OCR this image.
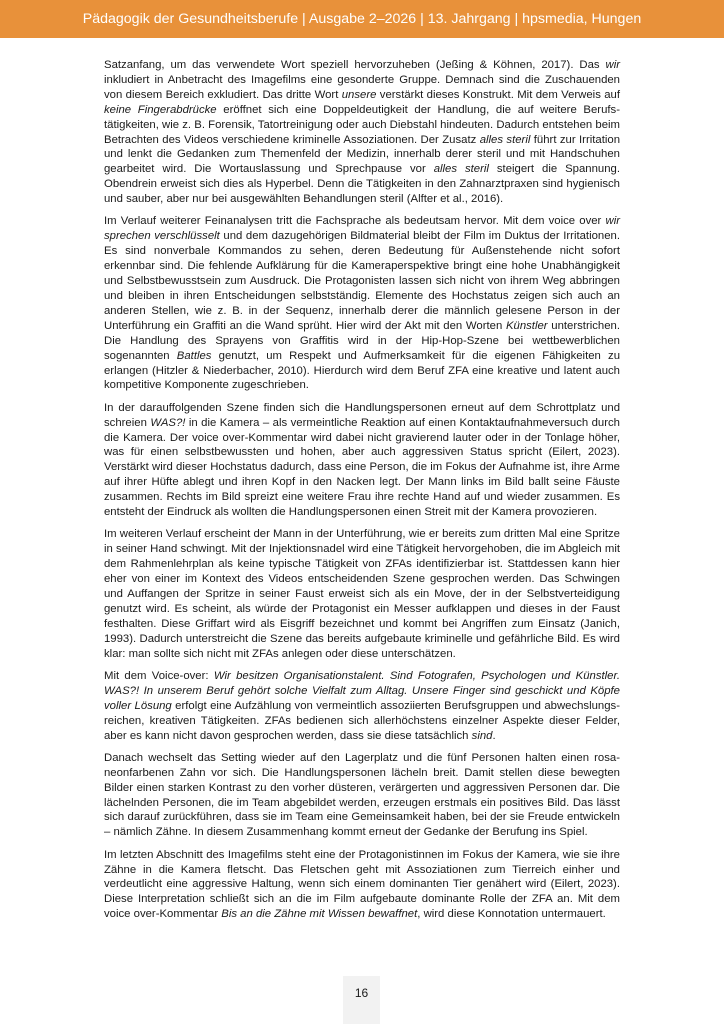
Pädagogik der Gesundheitsberufe | Ausgabe 2–2026 | 13. Jahrgang | hpsmedia, Hungen

Satzanfang, um das verwendete Wort speziell hervorzuheben (Jeßing & Köhnen, 2017). Das wir inkludiert in Anbetracht des Imagefilms eine gesonderte Gruppe. Demnach sind die Zuschauenden von diesem Bereich exkludiert. Das dritte Wort unsere verstärkt dieses Konstrukt. Mit dem Verweis auf keine Fingerabdrücke eröffnet sich eine Doppeldeutigkeit der Handlung, die auf weitere Berufstätigkeiten, wie z. B. Forensik, Tatortreinigung oder auch Diebstahl hindeuten. Dadurch entstehen beim Betrachten des Videos verschiedene kriminelle Assoziationen. Der Zusatz alles steril führt zur Irritation und lenkt die Gedanken zum Themenfeld der Medizin, innerhalb derer steril und mit Handschuhen gearbeitet wird. Die Wortauslassung und Sprechpause vor alles steril steigert die Spannung. Obendrein erweist sich dies als Hyperbel. Denn die Tätigkeiten in den Zahnarztpraxen sind hygienisch und sauber, aber nur bei ausgewählten Behandlungen steril (Alfter et al., 2016).

Im Verlauf weiterer Feinanalysen tritt die Fachsprache als bedeutsam hervor. Mit dem voice over wir sprechen verschlüsselt und dem dazugehörigen Bildmaterial bleibt der Film im Duktus der Irritationen. Es sind nonverbale Kommandos zu sehen, deren Bedeutung für Außenstehende nicht sofort erkennbar sind. Die fehlende Aufklärung für die Kameraperspektive bringt eine hohe Unabhängigkeit und Selbstbewusstsein zum Ausdruck. Die Protagonisten lassen sich nicht von ihrem Weg abbringen und bleiben in ihren Entscheidungen selbstständig. Elemente des Hochstatus zeigen sich auch an anderen Stellen, wie z. B. in der Sequenz, innerhalb derer die männlich gelesene Person in der Unterführung ein Graffiti an die Wand sprüht. Hier wird der Akt mit den Worten Künstler unterstrichen. Die Handlung des Sprayens von Graffitis wird in der Hip-Hop-Szene bei wettbewerblichen sogenannten Battles genutzt, um Respekt und Aufmerksamkeit für die eigenen Fähigkeiten zu erlangen (Hitzler & Niederbacher, 2010). Hierdurch wird dem Beruf ZFA eine kreative und latent auch kompetitive Komponente zugeschrieben.

In der darauffolgenden Szene finden sich die Handlungspersonen erneut auf dem Schrottplatz und schreien WAS?! in die Kamera – als vermeintliche Reaktion auf einen Kontaktaufnahmeversuch durch die Kamera. Der voice over-Kommentar wird dabei nicht gravierend lauter oder in der Tonlage höher, was für einen selbstbewussten und hohen, aber auch aggressiven Status spricht (Eilert, 2023). Verstärkt wird dieser Hochstatus dadurch, dass eine Person, die im Fokus der Aufnahme ist, ihre Arme auf ihrer Hüfte ablegt und ihren Kopf in den Nacken legt. Der Mann links im Bild ballt seine Fäuste zusammen. Rechts im Bild spreizt eine weitere Frau ihre rechte Hand auf und wieder zusammen. Es entsteht der Eindruck als wollten die Handlungspersonen einen Streit mit der Kamera provozieren.

Im weiteren Verlauf erscheint der Mann in der Unterführung, wie er bereits zum dritten Mal eine Spritze in seiner Hand schwingt. Mit der Injektionsnadel wird eine Tätigkeit hervorgehoben, die im Abgleich mit dem Rahmenlehrplan als keine typische Tätigkeit von ZFAs identifizierbar ist. Stattdessen kann hier eher von einer im Kontext des Videos entscheidenden Szene gesprochen werden. Das Schwingen und Auffangen der Spritze in seiner Faust erweist sich als ein Move, der in der Selbstverteidigung genutzt wird. Es scheint, als würde der Protagonist ein Messer aufklappen und dieses in der Faust festhalten. Diese Griffart wird als Eisgriff bezeichnet und kommt bei Angriffen zum Einsatz (Janich, 1993). Dadurch unterstreicht die Szene das bereits aufgebaute kriminelle und gefährliche Bild. Es wird klar: man sollte sich nicht mit ZFAs anlegen oder diese unterschätzen.

Mit dem Voice-over: Wir besitzen Organisationstalent. Sind Fotografen, Psychologen und Künstler. WAS?! In unserem Beruf gehört solche Vielfalt zum Alltag. Unsere Finger sind geschickt und Köpfe voller Lösung erfolgt eine Aufzählung von vermeintlich assoziierten Berufsgruppen und abwechslungsreichen, kreativen Tätigkeiten. ZFAs bedienen sich allerhöchstens einzelner Aspekte dieser Felder, aber es kann nicht davon gesprochen werden, dass sie diese tatsächlich sind.

Danach wechselt das Setting wieder auf den Lagerplatz und die fünf Personen halten einen rosa-neonfarbenen Zahn vor sich. Die Handlungspersonen lächeln breit. Damit stellen diese bewegten Bilder einen starken Kontrast zu den vorher düsteren, verärgerten und aggressiven Personen dar. Die lächelnden Personen, die im Team abgebildet werden, erzeugen erstmals ein positives Bild. Das lässt sich darauf zurückführen, dass sie im Team eine Gemeinsamkeit haben, bei der sie Freude entwickeln – nämlich Zähne. In diesem Zusammenhang kommt erneut der Gedanke der Berufung ins Spiel.

Im letzten Abschnitt des Imagefilms steht eine der Protagonistinnen im Fokus der Kamera, wie sie ihre Zähne in die Kamera fletscht. Das Fletschen geht mit Assoziationen zum Tierreich einher und verdeutlicht eine aggressive Haltung, wenn sich einem dominanten Tier genähert wird (Eilert, 2023). Diese Interpretation schließt sich an die im Film aufgebaute dominante Rolle der ZFA an. Mit dem voice over-Kommentar Bis an die Zähne mit Wissen bewaffnet, wird diese Konnotation untermauert.

16
